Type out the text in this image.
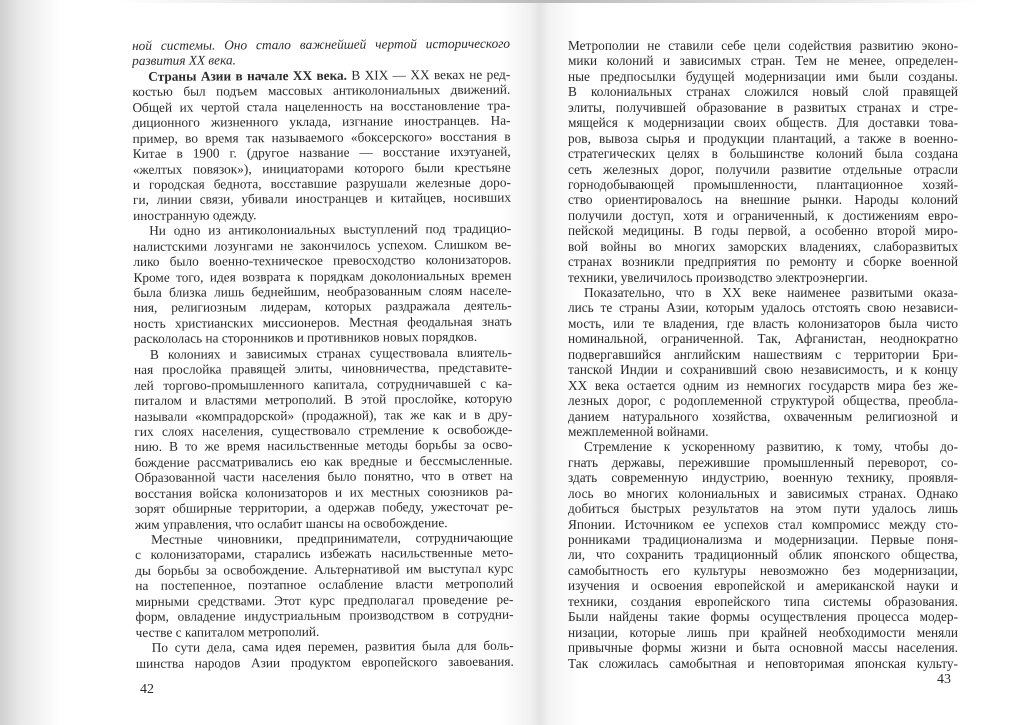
ной системы. Оно стало важнейшей чертой исторического
развития XX века.
Страны Азии в начале XX века. В XIX — XX веках не ред-
костью был подъем массовых антиколониальных движений.
Общей их чертой стала нацеленность на восстановление тра-
диционного жизненного уклада, изгнание иностранцев. На-
пример, во время так называемого «боксерского» восстания в
Китае в 1900 г. (другое название — восстание ихэтуаней,
«желтых повязок»), инициаторами которого были крестьяне
и городская беднота, восставшие разрушали железные доро-
ги, линии связи, убивали иностранцев и китайцев, носивших
иностранную одежду.
Ни одно из антиколониальных выступлений под традицио-
налистскими лозунгами не закончилось успехом. Слишком ве-
лико было военно-техническое превосходство колонизаторов.
Кроме того, идея возврата к порядкам доколониальных времен
была близка лишь беднейшим, необразованным слоям населе-
ния, религиозным лидерам, которых раздражала деятель-
ность христианских миссионеров. Местная феодальная знать
раскололась на сторонников и противников новых порядков.
В колониях и зависимых странах существовала влиятель-
ная прослойка правящей элиты, чиновничества, представите-
лей торгово-промышленного капитала, сотрудничавшей с ка-
питалом и властями метрополий. В этой прослойке, которую
называли «компрадорской» (продажной), так же как и в дру-
гих слоях населения, существовало стремление к освобожде-
нию. В то же время насильственные методы борьбы за осво-
бождение рассматривались ею как вредные и бессмысленные.
Образованной части населения было понятно, что в ответ на
восстания войска колонизаторов и их местных союзников ра-
зорят обширные территории, а одержав победу, ужесточат ре-
жим управления, что ослабит шансы на освобождение.
Местные чиновники, предприниматели, сотрудничающие
с колонизаторами, старались избежать насильственные мето-
ды борьбы за освобождение. Альтернативой им выступал курс
на постепенное, поэтапное ослабление власти метрополий
мирными средствами. Этот курс предполагал проведение ре-
форм, овладение индустриальным производством в сотрудни-
честве с капиталом метрополий.
По сути дела, сама идея перемен, развития была для боль-
шинства народов Азии продуктом европейского завоевания.
Метрополии не ставили себе цели содействия развитию эконо-
мики колоний и зависимых стран. Тем не менее, определен-
ные предпосылки будущей модернизации ими были созданы.
В колониальных странах сложился новый слой правящей
элиты, получившей образование в развитых странах и стре-
мящейся к модернизации своих обществ. Для доставки това-
ров, вывоза сырья и продукции плантаций, а также в военно-
стратегических целях в большинстве колоний была создана
сеть железных дорог, получили развитие отдельные отрасли
горнодобывающей промышленности, плантационное хозяй-
ство ориентировалось на внешние рынки. Народы колоний
получили доступ, хотя и ограниченный, к достижениям евро-
пейской медицины. В годы первой, а особенно второй миро-
вой войны во многих заморских владениях, слаборазвитых
странах возникли предприятия по ремонту и сборке военной
техники, увеличилось производство электроэнергии.
Показательно, что в XX веке наименее развитыми оказа-
лись те страны Азии, которым удалось отстоять свою независи-
мость, или те владения, где власть колонизаторов была чисто
номинальной, ограниченной. Так, Афганистан, неоднократно
подвергавшийся английским нашествиям с территории Бри-
танской Индии и сохранивший свою независимость, и к концу
XX века остается одним из немногих государств мира без же-
лезных дорог, с родоплеменной структурой общества, преобла-
данием натурального хозяйства, охваченным религиозной и
межплеменной войнами.
Стремление к ускоренному развитию, к тому, чтобы до-
гнать державы, пережившие промышленный переворот, со-
здать современную индустрию, военную технику, проявля-
лось во многих колониальных и зависимых странах. Однако
добиться быстрых результатов на этом пути удалось лишь
Японии. Источником ее успехов стал компромисс между сто-
ронниками традиционализма и модернизации. Первые поня-
ли, что сохранить традиционный облик японского общества,
самобытность его культуры невозможно без модернизации,
изучения и освоения европейской и американской науки и
техники, создания европейского типа системы образования.
Были найдены такие формы осуществления процесса модер-
низации, которые лишь при крайней необходимости меняли
привычные формы жизни и быта основной массы населения.
Так сложилась самобытная и неповторимая японская культу-
42
43
